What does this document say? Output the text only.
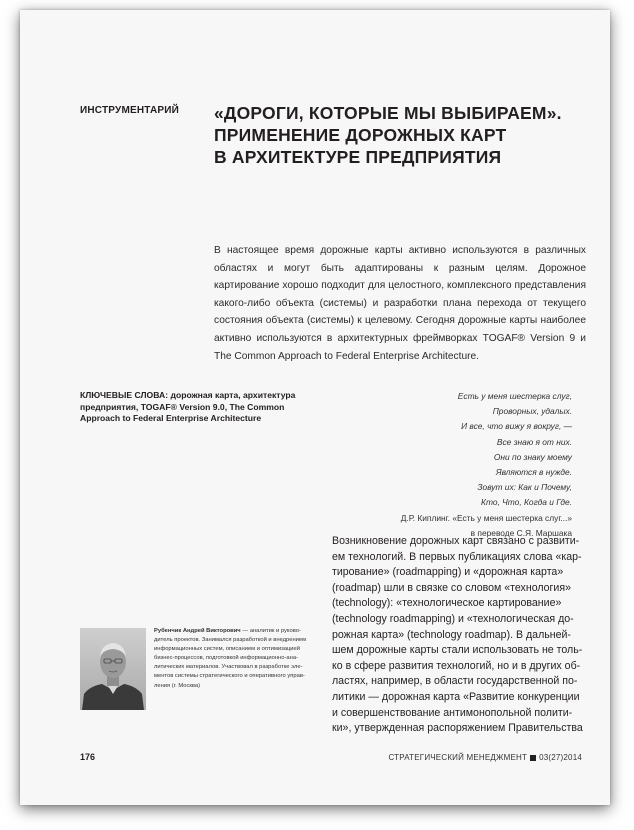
ИНСТРУМЕНТАРИЙ «ДОРОГИ, КОТОРЫЕ МЫ ВЫБИРАЕМ».
ПРИМЕНЕНИЕ ДОРОЖНЫХ КАРТ
В АРХИТЕКТУРЕ ПРЕДПРИЯТИЯ
В настоящее время дорожные карты активно используются в различных областях и могут быть адаптированы к разным целям. Дорожное картирование хорошо подходит для целостного, комплексного представления какого-либо объекта (системы) и разработки плана перехода от текущего состояния объекта (системы) к целевому. Сегодня дорожные карты наиболее активно используются в архитектурных фреймворках TOGAF® Version 9 и The Common Approach to Federal Enterprise Architecture.
КЛЮЧЕВЫЕ СЛОВА: дорожная карта, архитектура предприятия, TOGAF® Version 9.0, The Common Approach to Federal Enterprise Architecture
Есть у меня шестерка слуг,
Проворных, удалых.
И все, что вижу я вокруг, —
Все знаю я от них.
Они по знаку моему
Являются в нужде.
Зовут их: Как и Почему,
Кто, Что, Когда и Где.
Д.Р. Киплинг. «Есть у меня шестерка слуг...»
в переводе С.Я. Маршака
Возникновение дорожных карт связано с развити-
ем технологий. В первых публикациях слова «кар-
тирование» (roadmapping) и «дорожная карта»
(roadmap) шли в связке со словом «технология»
(technology): «технологическое картирование»
(technology roadmapping) и «технологическая до-
рожная карта» (technology roadmap). В дальней-
шем дорожные карты стали использовать не толь-
ко в сфере развития технологий, но и в других об-
ластях, например, в области государственной по-
литики — дорожная карта «Развитие конкуренции
и совершенствование антимонопольной полити-
ки», утвержденная распоряжением Правительства
Рубенчик Андрей Викторович — аналитик и руково-
дитель проектов. Занимался разработкой и внедрением
информационных систем, описанием и оптимизацией
бизнес-процессов, подготовкой информационно-ана-
литических материалов. Участвовал в разработке эле-
ментов системы стратегического и оперативного управ-
ления (г. Москва)
176	СТРАТЕГИЧЕСКИЙ МЕНЕДЖМЕНТ 03(27)2014
